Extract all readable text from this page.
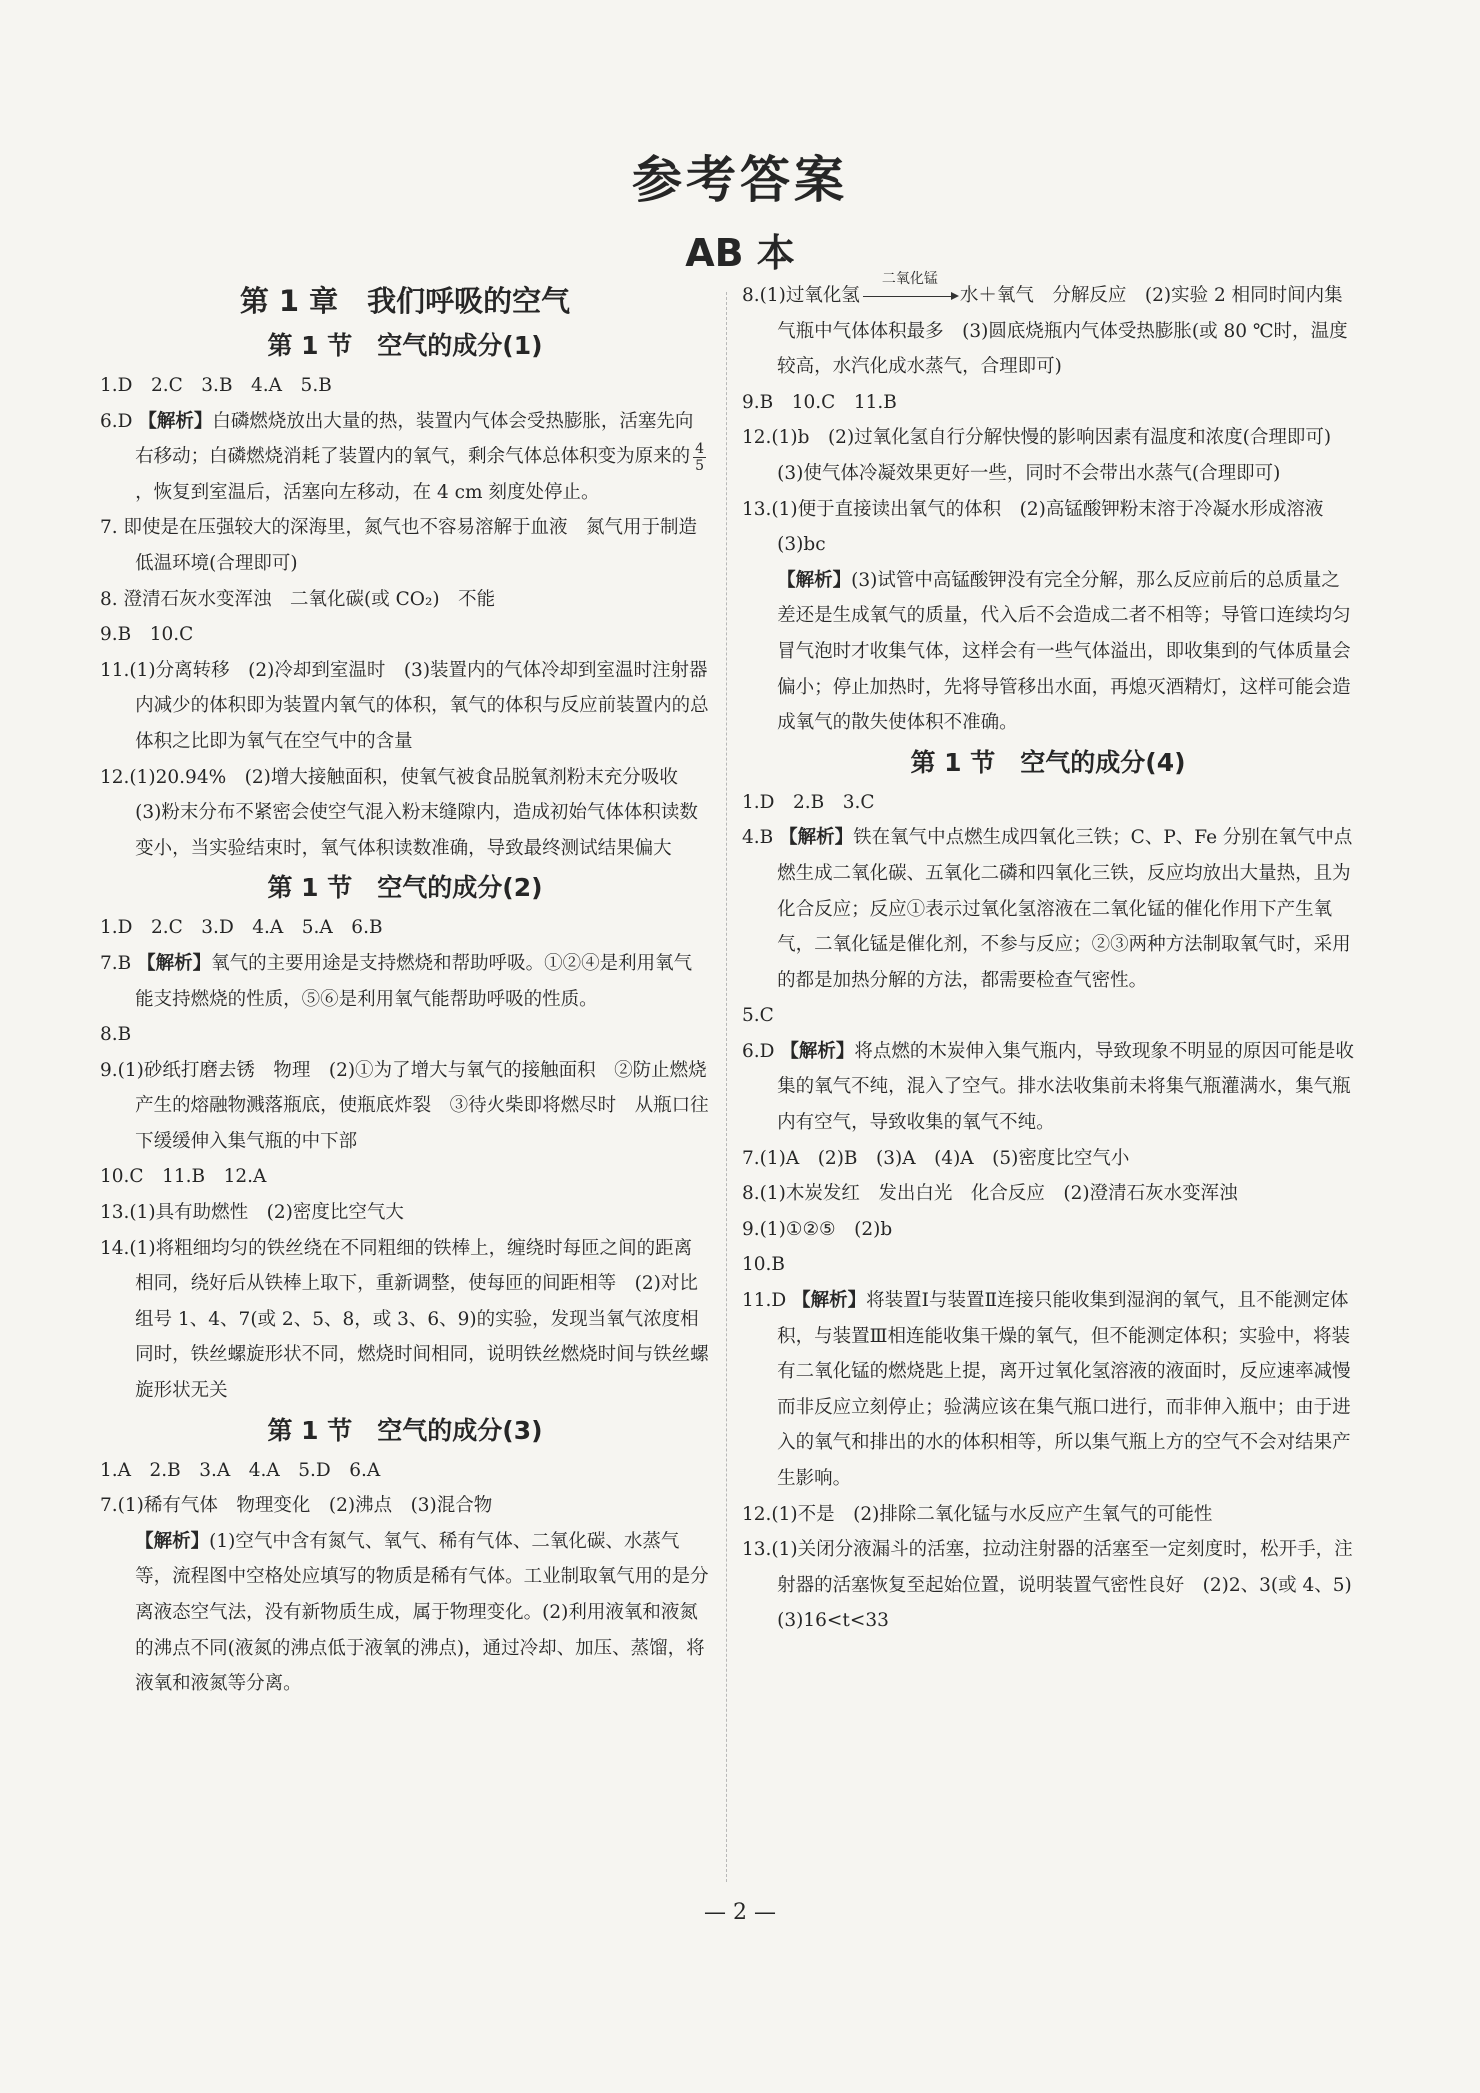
参考答案
AB 本
第 1 章　我们呼吸的空气
第 1 节　空气的成分(1)

1.D　2.C　3.B　4.A　5.B

6.D 【解析】白磷燃烧放出大量的热，装置内气体会受热膨胀，活塞先向右移动；白磷燃烧消耗了装置内的氧气，剩余气体总体积变为原来的 $\frac{4}{5}$
，恢复到室温后，活塞向左移动，在 4 cm 刻度处停止。

7. 即使是在压强较大的深海里，氮气也不容易溶解于血液　氮气用于制造低温环境(合理即可)

8. 澄清石灰水变浑浊　二氧化碳(或 CO₂)　不能

9.B　10.C

11.(1)分离转移　(2)冷却到室温时　(3)装置内的气体冷却到室温时注射器内减少的体积即为装置内氧气的体积，氧气的体积与反应前装置内的总体积之比即为氧气在空气中的含量

12.(1)20.94%　(2)增大接触面积，使氧气被食品脱氧剂粉末充分吸收　(3)粉末分布不紧密会使空气混入粉末缝隙内，造成初始气体体积读数变小，当实验结束时，氧气体积读数准确，导致最终测试结果偏大

第 1 节　空气的成分(2)

1.D　2.C　3.D　4.A　5.A　6.B

7.B 【解析】氧气的主要用途是支持燃烧和帮助呼吸。①②④是利用氧气能支持燃烧的性质，⑤⑥是利用氧气能帮助呼吸的性质。

8.B

9.(1)砂纸打磨去锈　物理　(2)①为了增大与氧气的接触面积　②防止燃烧产生的熔融物溅落瓶底，使瓶底炸裂　③待火柴即将燃尽时　从瓶口往下缓缓伸入集气瓶的中下部

10.C　11.B　12.A

13.(1)具有助燃性　(2)密度比空气大

14.(1)将粗细均匀的铁丝绕在不同粗细的铁棒上，缠绕时每匝之间的距离相同，绕好后从铁棒上取下，重新调整，使每匝的间距相等　(2)对比组号 1、4、7(或 2、5、8，或 3、6、9)的实验，发现当氧气浓度相同时，铁丝螺旋形状不同，燃烧时间相同，说明铁丝燃烧时间与铁丝螺旋形状无关

第 1 节　空气的成分(3)

1.A　2.B　3.A　4.A　5.D　6.A

7.(1)稀有气体　物理变化　(2)沸点　(3)混合物

【解析】(1)空气中含有氮气、氧气、稀有气体、二氧化碳、水蒸气等，流程图中空格处应填写的物质是稀有气体。工业制取氧气用的是分离液态空气法，没有新物质生成，属于物理变化。(2)利用液氧和液氮的沸点不同(液氮的沸点低于液氧的沸点)，通过冷却、加压、蒸馏，将液氧和液氮等分离。

8.(1)过氧化氢
二氧化锰
水＋氧气　分解反应　(2)实验 2 相同时间内集气瓶中气体体积最多　(3)圆底烧瓶内气体受热膨胀(或 80 ℃时，温度较高，水汽化成水蒸气，合理即可)

9.B　10.C　11.B

12.(1)b　(2)过氧化氢自行分解快慢的影响因素有温度和浓度(合理即可)　(3)使气体冷凝效果更好一些，同时不会带出水蒸气(合理即可)

13.(1)便于直接读出氧气的体积　(2)高锰酸钾粉末溶于冷凝水形成溶液　(3)bc

【解析】(3)试管中高锰酸钾没有完全分解，那么反应前后的总质量之差还是生成氧气的质量，代入后不会造成二者不相等；导管口连续均匀冒气泡时才收集气体，这样会有一些气体溢出，即收集到的气体质量会偏小；停止加热时，先将导管移出水面，再熄灭酒精灯，这样可能会造成氧气的散失使体积不准确。

第 1 节　空气的成分(4)

1.D　2.B　3.C

4.B 【解析】铁在氧气中点燃生成四氧化三铁；C、P、Fe 分别在氧气中点燃生成二氧化碳、五氧化二磷和四氧化三铁，反应均放出大量热，且为化合反应；反应①表示过氧化氢溶液在二氧化锰的催化作用下产生氧气，二氧化锰是催化剂，不参与反应；②③两种方法制取氧气时，采用的都是加热分解的方法，都需要检查气密性。

5.C

6.D 【解析】将点燃的木炭伸入集气瓶内，导致现象不明显的原因可能是收集的氧气不纯，混入了空气。排水法收集前未将集气瓶灌满水，集气瓶内有空气，导致收集的氧气不纯。

7.(1)A　(2)B　(3)A　(4)A　(5)密度比空气小

8.(1)木炭发红　发出白光　化合反应　(2)澄清石灰水变浑浊

9.(1)①②⑤　(2)b

10.B

11.D 【解析】将装置Ⅰ与装置Ⅱ连接只能收集到湿润的氧气，且不能测定体积，与装置Ⅲ相连能收集干燥的氧气，但不能测定体积；实验中，将装有二氧化锰的燃烧匙上提，离开过氧化氢溶液的液面时，反应速率减慢而非反应立刻停止；验满应该在集气瓶口进行，而非伸入瓶中；由于进入的氧气和排出的水的体积相等，所以集气瓶上方的空气不会对结果产生影响。

12.(1)不是　(2)排除二氧化锰与水反应产生氧气的可能性

13.(1)关闭分液漏斗的活塞，拉动注射器的活塞至一定刻度时，松开手，注射器的活塞恢复至起始位置，说明装置气密性良好　(2)2、3(或 4、5)　(3)16<t<33

— 2 —
